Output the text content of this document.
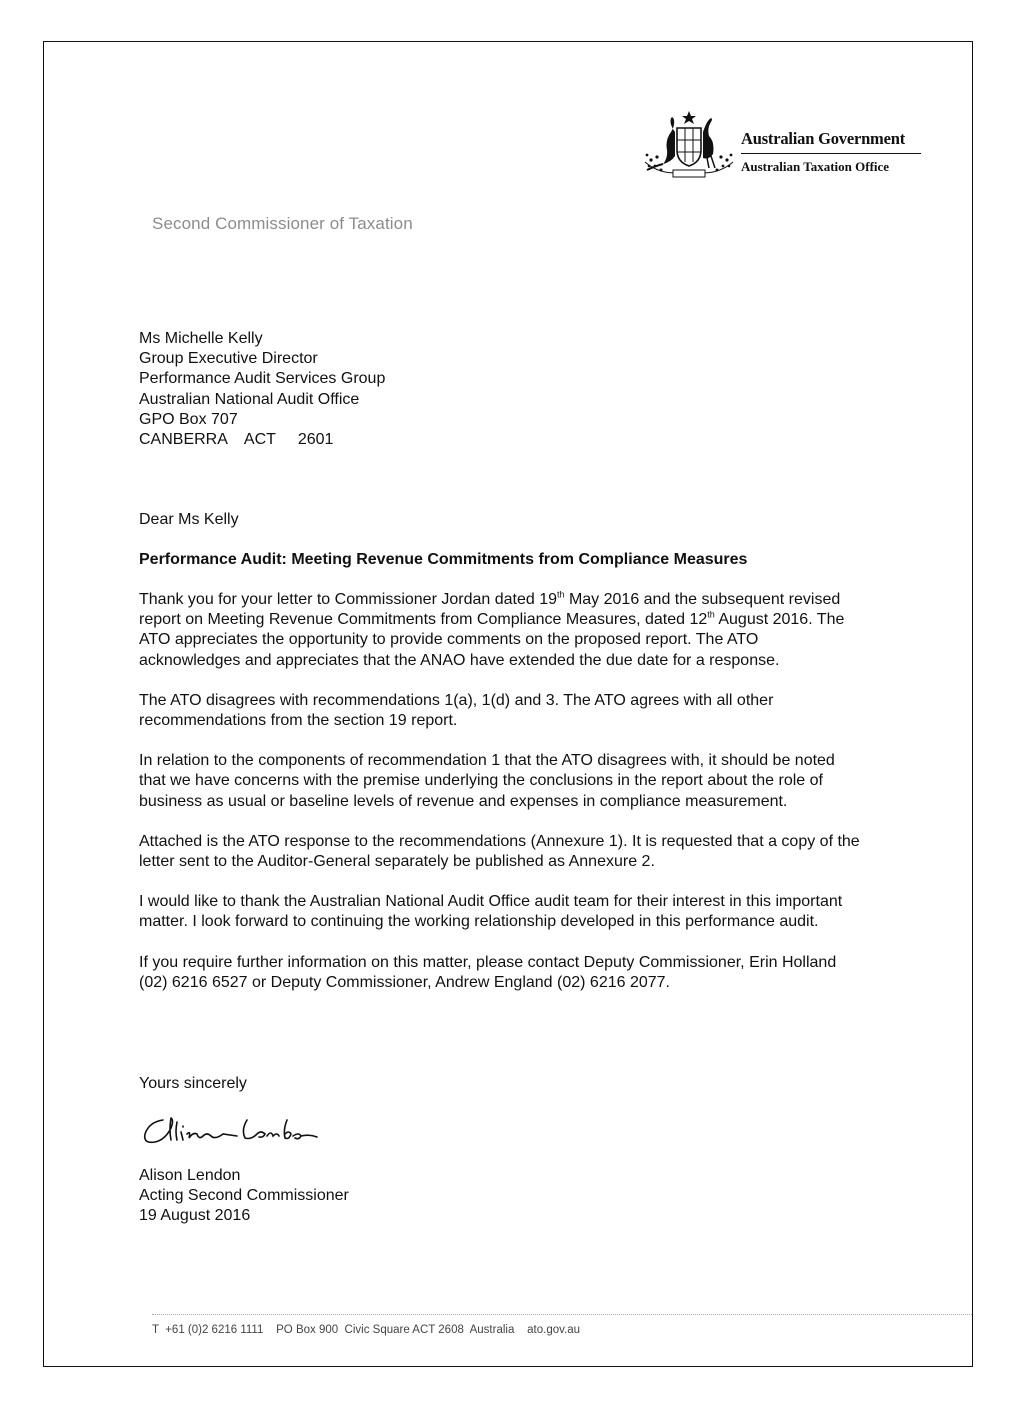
Australian Government
Australian Taxation Office
Second Commissioner of Taxation
Ms Michelle Kelly
Group Executive Director
Performance Audit Services Group
Australian National Audit Office
GPO Box 707
CANBERRA    ACT     2601
Dear Ms Kelly
Performance Audit: Meeting Revenue Commitments from Compliance Measures

Thank you for your letter to Commissioner Jordan dated 19th May 2016 and the subsequent revised report on Meeting Revenue Commitments from Compliance Measures, dated 12th August 2016. The ATO appreciates the opportunity to provide comments on the proposed report. The ATO acknowledges and appreciates that the ANAO have extended the due date for a response.

The ATO disagrees with recommendations 1(a), 1(d) and 3. The ATO agrees with all other recommendations from the section 19 report.

In relation to the components of recommendation 1 that the ATO disagrees with, it should be noted that we have concerns with the premise underlying the conclusions in the report about the role of business as usual or baseline levels of revenue and expenses in compliance measurement.

Attached is the ATO response to the recommendations (Annexure 1). It is requested that a copy of the letter sent to the Auditor-General separately be published as Annexure 2.

I would like to thank the Australian National Audit Office audit team for their interest in this important matter. I look forward to continuing the working relationship developed in this performance audit.

If you require further information on this matter, please contact Deputy Commissioner, Erin Holland (02) 6216 6527 or Deputy Commissioner, Andrew England (02) 6216 2077.

Yours sincerely
Alison Lendon
Acting Second Commissioner
19 August 2016
T  +61 (0)2 6216 1111    PO Box 900  Civic Square ACT 2608  Australia    ato.gov.au
